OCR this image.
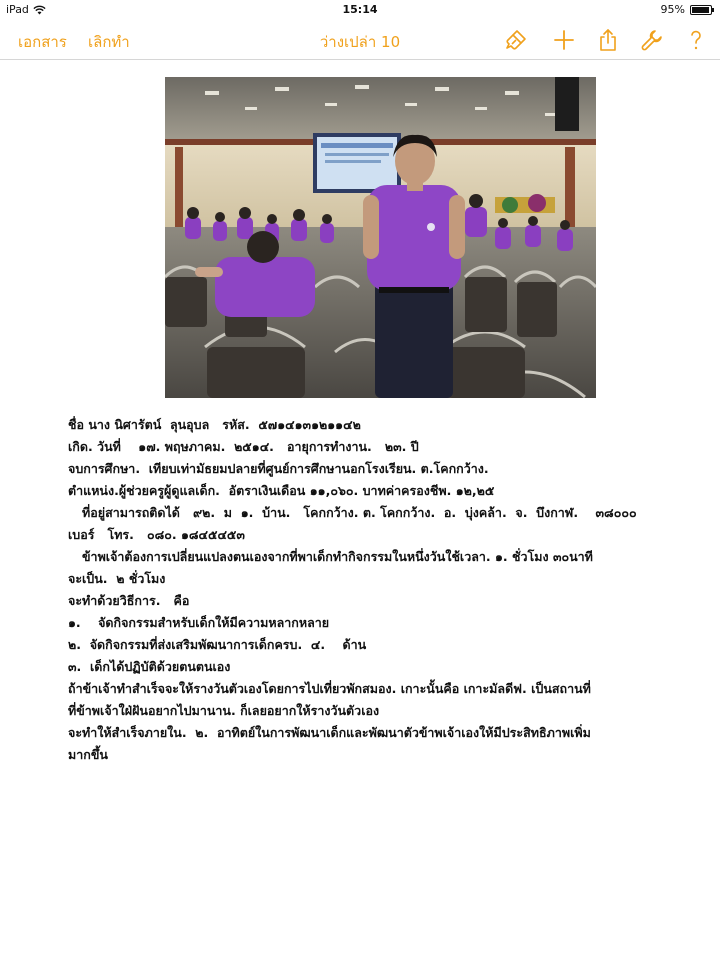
iPad	15:14	95%
เอกสาร เลิกทำ	ว่างเปล่า 10
ชื่อ นาง นิศารัตน์  ลุนอุบล   รหัส.  ๕๗๑๔๑๓๑๒๑๑๔๒
เกิด. วันที่    ๑๗. พฤษภาคม.  ๒๕๑๔.   อายุการทำงาน.   ๒๓. ปี
จบการศึกษา.  เทียบเท่ามัธยมปลายที่ศูนย์การศึกษานอกโรงเรียน. ต.โคกกว้าง.
ตำแหน่ง.ผู้ช่วยครูผู้ดูแลเด็ก.  อัตราเงินเดือน ๑๑,๐๖๐. บาทค่าครองชีพ. ๑๒,๒๕
ที่อยู่สามารถติดได้   ๙๒.  ม  ๑.  บ้าน.   โคกกว้าง. ต. โคกกว้าง.  อ.  บุ่งคล้า.  จ.  บึงกาฬ.    ๓๘๐๐๐
เบอร์   โทร.   ๐๘๐. ๑๘๔๕๔๕๓
ข้าพเจ้าต้องการเปลี่ยนแปลงตนเองจากที่พาเด็กทำกิจกรรมในหนึ่งวันใช้เวลา. ๑. ชั่วโมง ๓๐นาที
จะเป็น.  ๒ ชั่วโมง
จะทำด้วยวิธีการ.   คือ
๑.    จัดกิจกรรมสำหรับเด็กให้มีความหลากหลาย
๒.  จัดกิจกรรมที่ส่งเสริมพัฒนาการเด็กครบ.  ๔.    ด้าน
๓.  เด็กได้ปฏิบัติด้วยตนตนเอง
ถ้าข้าเจ้าทำสำเร็จจะให้รางวันตัวเองโดยการไปเที่ยวพักสมอง. เกาะนั้นคือ เกาะมัลดีฟ. เป็นสถานที่
ที่ข้าพเจ้าใฝ่ฝันอยากไปมานาน. ก็เลยอยากให้รางวันตัวเอง
จะทำให้สำเร็จภายใน.  ๒.  อาทิตย์ในการพัฒนาเด็กและพัฒนาตัวข้าพเจ้าเองให้มีประสิทธิภาพเพิ่ม
มากขึ้น
